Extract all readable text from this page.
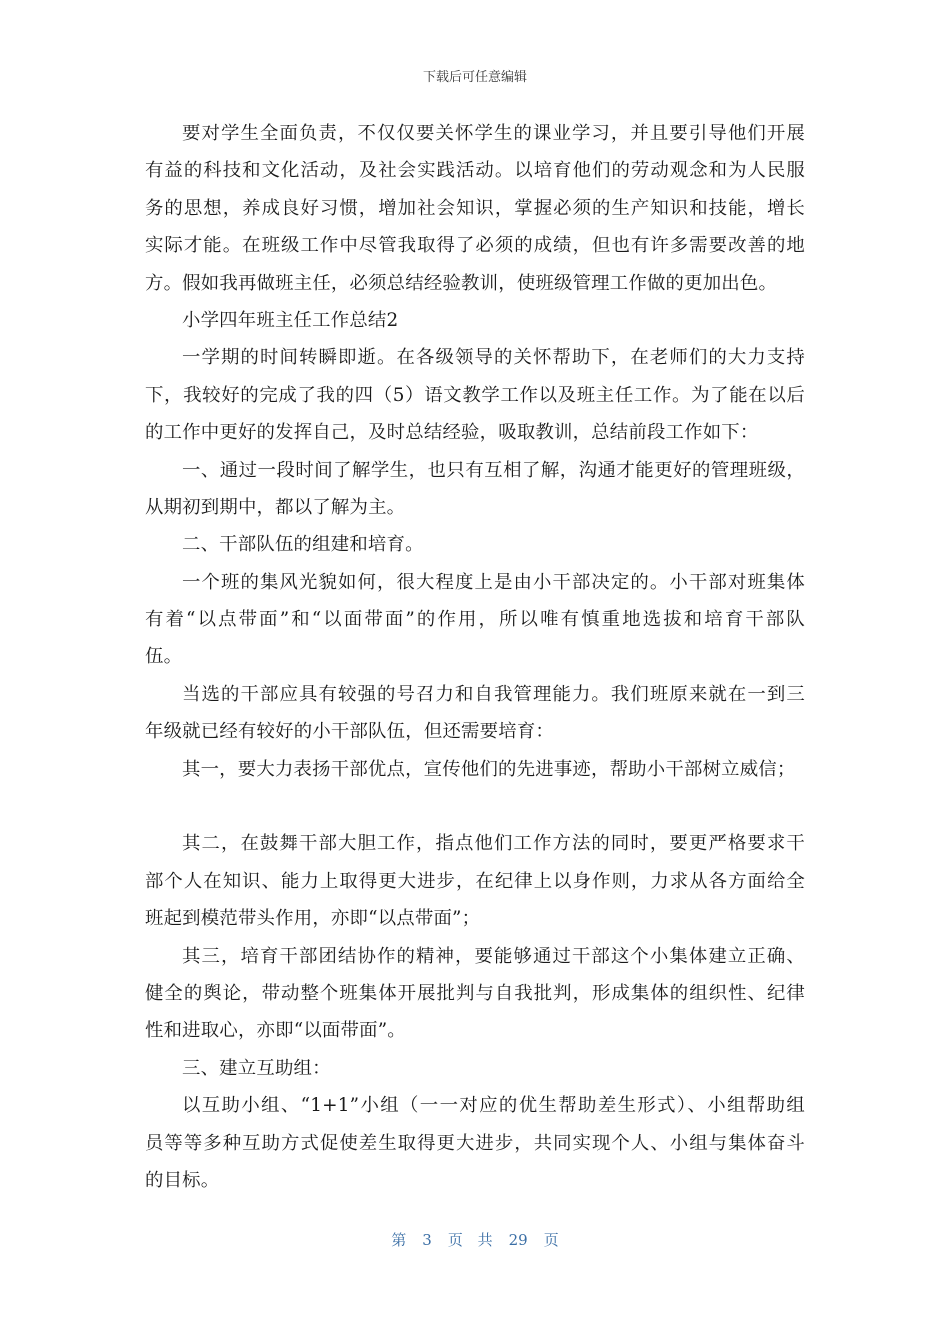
下载后可任意编辑
要对学生全面负责，不仅仅要关怀学生的课业学习，并且要引导他们开展
有益的科技和文化活动，及社会实践活动。以培育他们的劳动观念和为人民服
务的思想，养成良好习惯，增加社会知识，掌握必须的生产知识和技能，增长
实际才能。在班级工作中尽管我取得了必须的成绩，但也有许多需要改善的地
方。假如我再做班主任，必须总结经验教训，使班级管理工作做的更加出色。
小学四年班主任工作总结2
一学期的时间转瞬即逝。在各级领导的关怀帮助下，在老师们的大力支持
下，我较好的完成了我的四（5）语文教学工作以及班主任工作。为了能在以后
的工作中更好的发挥自己，及时总结经验，吸取教训，总结前段工作如下：
一、通过一段时间了解学生，也只有互相了解，沟通才能更好的管理班级，
从期初到期中，都以了解为主。
二、干部队伍的组建和培育。
一个班的集风光貌如何，很大程度上是由小干部决定的。小干部对班集体
有着“以点带面”和“以面带面”的作用，所以唯有慎重地选拔和培育干部队
伍。
当选的干部应具有较强的号召力和自我管理能力。我们班原来就在一到三
年级就已经有较好的小干部队伍，但还需要培育：
其一，要大力表扬干部优点，宣传他们的先进事迹，帮助小干部树立威信；
其二，在鼓舞干部大胆工作，指点他们工作方法的同时，要更严格要求干
部个人在知识、能力上取得更大进步，在纪律上以身作则，力求从各方面给全
班起到模范带头作用，亦即“以点带面”；
其三，培育干部团结协作的精神，要能够通过干部这个小集体建立正确、
健全的舆论，带动整个班集体开展批判与自我批判，形成集体的组织性、纪律
性和进取心，亦即“以面带面”。
三、建立互助组：
以互助小组、“1+1”小组（一一对应的优生帮助差生形式）、小组帮助组
员等等多种互助方式促使差生取得更大进步，共同实现个人、小组与集体奋斗
的目标。
第 3 页 共 29 页
